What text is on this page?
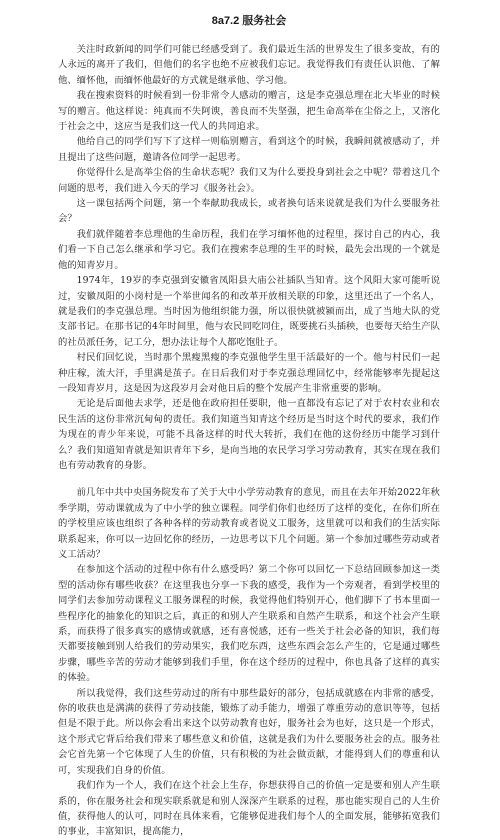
8a7.2 服务社会

关注时政新闻的同学们可能已经感受到了。我们最近生活的世界发生了很多变故，有的人永远的离开了我们，但他们的名字也绝不应被我们忘记。我觉得我们有责任认识他、了解他、缅怀他，而缅怀他最好的方式就是继承他、学习他。

我在搜索资料的时候看到一份非常令人感动的赠言，这是李克强总理在北大毕业的时候写的赠言。他这样说：纯真而不失阿谀，善良而不失坚强，把生命高举在尘俗之上，又溶化于社会之中，这应当是我们这一代人的共同追求。

他给自己的同学们写下了这样一则临别赠言，看到这个的时候，我瞬间就被感动了，并且提出了这些问题，邀请各位同学一起思考。

你觉得什么是高举尘俗的生命状态呢？我们又为什么要投身到社会之中呢？带着这几个问题的思考，我们进入今天的学习《服务社会》。

这一课包括两个问题，第一个奉献助我成长，或者换句话来说就是我们为什么要服务社会？

我们就伴随着李总理他的生命历程，我们在学习缅怀他的过程里，探讨自己的内心，我们看一下自己怎么继承和学习它。我们在搜索李总理的生平的时候，最先会出现的一个就是他的知青岁月。

1974年，19岁的李克强到安徽省凤阳县大庙公社插队当知青。这个风阳大家可能听说过，安徽凤阳的小岗村是一个举世闻名的和改革开放相关联的印象，这里还出了一个名人，就是我们的李克强总理。当时因为他组织能力强，所以很快就被颍而出，成了当地大队的党支部书记。在那书记的4年时间里，他与农民同吃同住，既要挑石头插秧，也要每天给生产队的社员派任务，记工分，想办法让每个人都吃饱肚子。

村民们回忆说，当时那个黑瘦黑瘦的李克强他学生里干活最好的一个。他与村民们一起种庄稼，流大汗，手里满是茧子。在日后我们对于李克强总理回忆中，经常能够率先提起这一段知青岁月，这是因为这段岁月会对他日后的整个发展产生非常重要的影响。

无论是后面他去求学，还是他在政府担任要职，他一直都没有忘记了对于农村农业和农民生活的这份非常沉甸甸的责任。我们知道当知青这个经历是当时这个时代的要求，我们作为现在的青少年来说，可能不具备这样的时代大转折，我们在他的这份经历中能学习到什么？我们知道知青就是知识青年下乡，是向当地的农民学习学习劳动教育，其实在现在我们也有劳动教育的身影。

前几年中共中央国务院发布了关于大中小学劳动教育的意见，而且在去年开始2022年秋季学期，劳动课就成为了中小学的独立课程。同学们你们也经历了这样的变化，在你们所在的学校里应该也组织了各种各样的劳动教育或者说义工服务，这里就可以和我们的生活实际联系起来，你可以一边回忆你的经历，一边思考以下几个问题。第一个参加过哪些劳动或者义工活动？

在参加这个活动的过程中你有什么感受吗？第二个你可以回忆一下总结回顾参加这一类型的活动你有哪些收获？在这里我也分享一下我的感受，我作为一个旁观者，看到学校里的同学们去参加劳动课程义工服务课程的时候，我觉得他们特别开心，他们脚下了书本里面一些程序化的抽象化的知识之后，真正的和别人产生联系和自然产生联系，和这个社会产生联系，而获得了很多真实的感情或就感，还有喜悦感，还有一些关于社会必备的知识，我们每天都要接触到别人给我们的劳动果实，我们吃东西，这些东西会怎么产生的，它是通过哪些步骤，哪些辛苦的劳动才能够到我们手里，你在这个经历的过程中，你也具备了这样的真实的体验。

所以我觉得，我们这些劳动过的所有中那些最好的部分，包括成就感在内非常的感受，你的收获也是满满的获得了劳动技能，锻炼了动手能力，增强了尊重劳动的意识等等，包括但是不限于此。所以你会看出来这个以劳动教育也好，服务社会为也好，这只是一个形式，这个形式它背后给我们带来了哪些意义和价值，这就是我们为什么要服务社会的点。服务社会它首先第一个它体现了人生的价值，只有积极的为社会做贡献，才能得到人们的尊重和认可，实现我们自身的价值。

我们作为一个人，我们在这个社会上生存，你想获得自己的价值一定是要和别人产生联系的，你在服务社会和现实联系就是和别人深深产生联系的过程，那也能实现自己的人生价值，获得他人的认可，同时在具体来看，它能够促进我们每个人的全面发展，能够拓宽我们的事业，丰富知识，提高能力，
